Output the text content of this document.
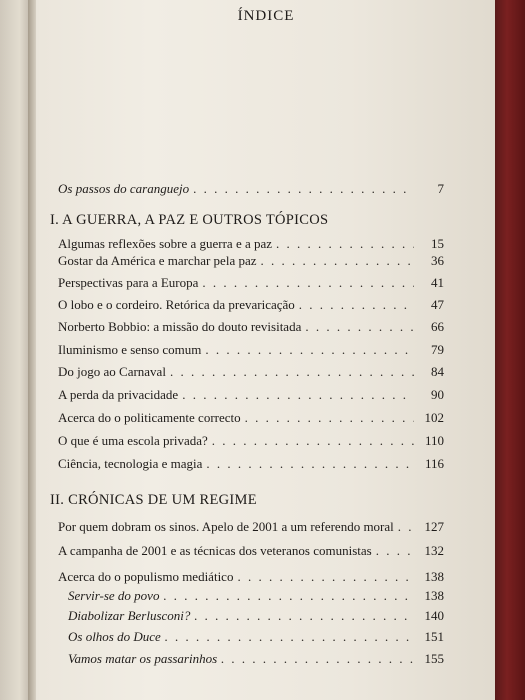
ÍNDICE
Os passos do caranguejo . . .	7
I. A GUERRA, A PAZ E OUTROS TÓPICOS
Algumas reflexões sobre a guerra e a paz . . .	15
Gostar da América e marchar pela paz . . .	36
Perspectivas para a Europa . . .	41
O lobo e o cordeiro. Retórica da prevaricação . . .	47
Norberto Bobbio: a missão do douto revisitada . . .	66
Iluminismo e senso comum . . .	79
Do jogo ao Carnaval . . .	84
A perda da privacidade . . .	90
Acerca do o politicamente correcto . . .	102
O que é uma escola privada? . . .	110
Ciência, tecnologia e magia . . .	116
II. CRÓNICAS DE UM REGIME
Por quem dobram os sinos. Apelo de 2001 a um referendo moral . . .	127
A campanha de 2001 e as técnicas dos veteranos comunistas . . .	132
Acerca do o populismo mediático . . .	138
Servir-se do povo . . .	138
Diabolizar Berlusconi? . . .	140
Os olhos do Duce . . .	151
Vamos matar os passarinhos . . .	155
